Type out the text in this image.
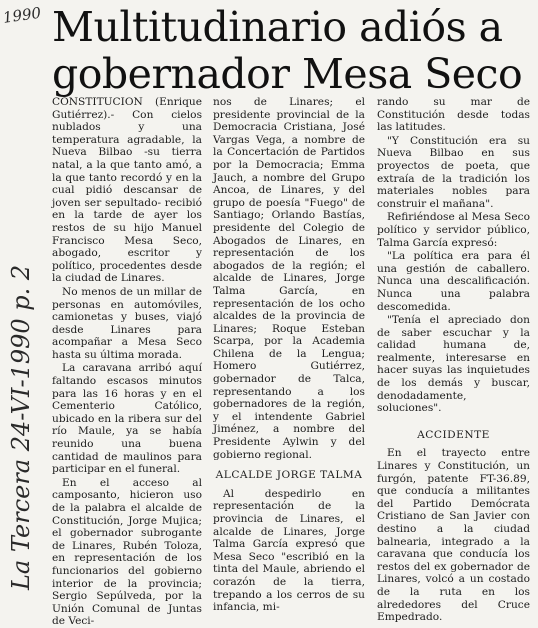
1990
La Tercera 24-VI-1990 p. 2
Multitudinario adiós a gobernador Mesa Seco

CONSTITUCION (Enrique Gutiérrez).- Con cielos nublados y una temperatura agradable, la Nueva Bilbao -su tierra natal, a la que tanto amó, a la que tanto recordó y en la cual pidió descansar de joven ser sepultado- recibió en la tarde de ayer los restos de su hijo Manuel Francisco Mesa Seco, abogado, escritor y político, procedentes desde la ciudad de Linares.

No menos de un millar de personas en automóviles, camionetas y buses, viajó desde Linares para acompañar a Mesa Seco hasta su última morada.

La caravana arribó aquí faltando escasos minutos para las 16 horas y en el Cementerio Católico, ubicado en la ribera sur del río Maule, ya se había reunido una buena cantidad de maulinos para participar en el funeral.

En el acceso al camposanto, hicieron uso de la palabra el alcalde de Constitución, Jorge Mujica; el gobernador subrogante de Linares, Rubén Toloza, en representación de los funcionarios del gobierno interior de la provincia; Sergio Sepúlveda, por la Unión Comunal de Juntas de Veci-

nos de Linares; el presidente provincial de la Democracia Cristiana, José Vargas Vega, a nombre de la Concertación de Partidos por la Democracia; Emma Jauch, a nombre del Grupo Ancoa, de Linares, y del grupo de poesía "Fuego" de Santiago; Orlando Bastías, presidente del Colegio de Abogados de Linares, en representación de los abogados de la región; el alcalde de Linares, Jorge Talma García, en representación de los ocho alcaldes de la provincia de Linares; Roque Esteban Scarpa, por la Academia Chilena de la Lengua; Homero Gutiérrez, gobernador de Talca, representando a los gobernadores de la región, y el intendente Gabriel Jiménez, a nombre del Presidente Aylwin y del gobierno regional.

ALCALDE JORGE TALMA

Al despedirlo en representación de la provincia de Linares, el alcalde de Linares, Jorge Talma García expresó que Mesa Seco "escribió en la tinta del Maule, abriendo el corazón de la tierra, trepando a los cerros de su infancia, mi-

rando su mar de Constitución desde todas las latitudes.

"Y Constitución era su Nueva Bilbao en sus proyectos de poeta, que extraía de la tradición los materiales nobles para construir el mañana".

Refiriéndose al Mesa Seco político y servidor público, Talma García expresó:

"La política era para él una gestión de caballero. Nunca una descalificación. Nunca una palabra descomedida.

"Tenía el apreciado don de saber escuchar y la calidad humana de, realmente, interesarse en hacer suyas las inquietudes de los demás y buscar, denodadamente, soluciones".

ACCIDENTE

En el trayecto entre Linares y Constitución, un furgón, patente FT-36.89, que conducía a militantes del Partido Demócrata Cristiano de San Javier con destino a la ciudad balnearia, integrado a la caravana que conducía los restos del ex gobernador de Linares, volcó a un costado de la ruta en los alrededores del Cruce Empedrado.
